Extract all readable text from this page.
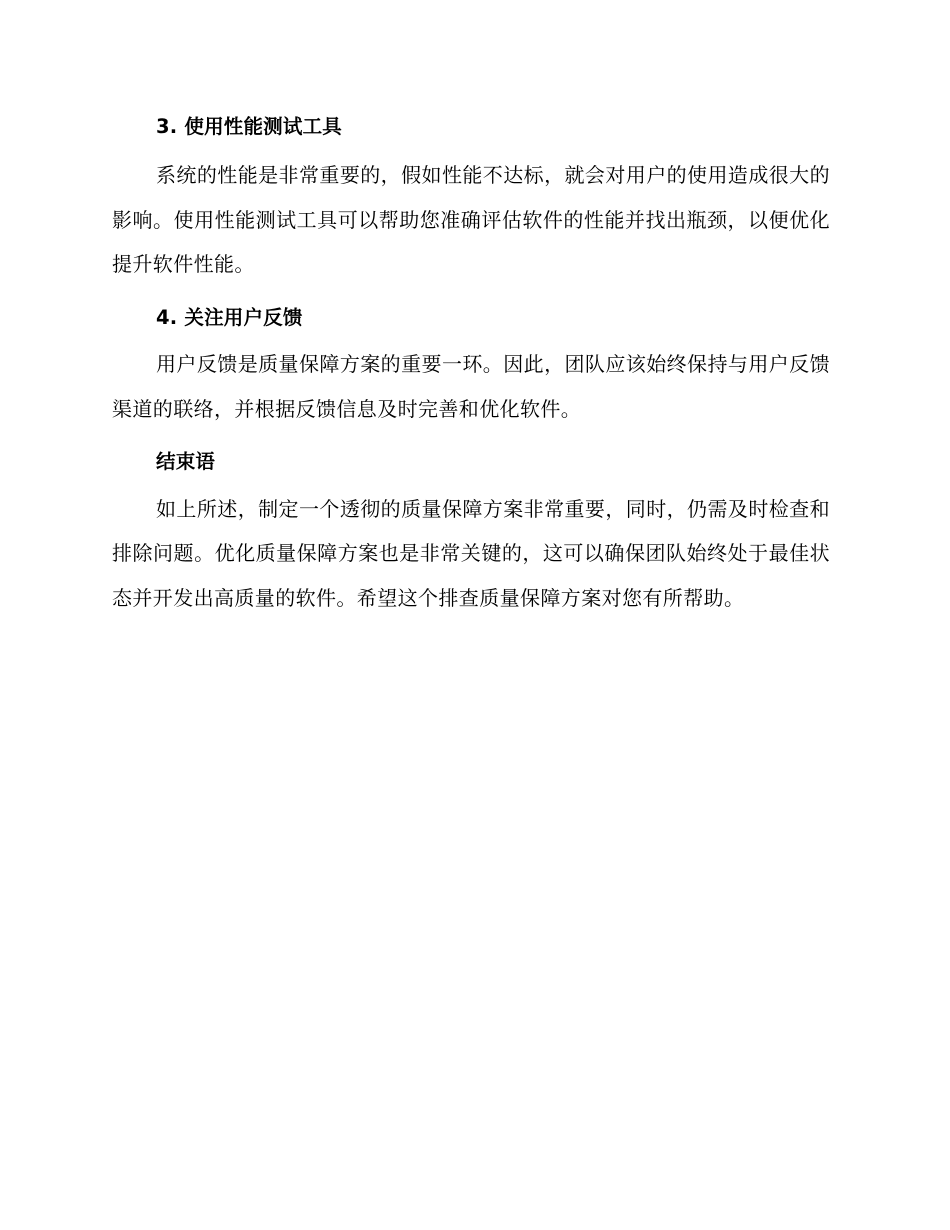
3. 使用性能测试工具
系统的性能是非常重要的，假如性能不达标，就会对用户的使用造成很大的影响。使用性能测试工具可以帮助您准确评估软件的性能并找出瓶颈，以便优化提升软件性能。
4. 关注用户反馈
用户反馈是质量保障方案的重要一环。因此，团队应该始终保持与用户反馈渠道的联络，并根据反馈信息及时完善和优化软件。
结束语
如上所述，制定一个透彻的质量保障方案非常重要，同时，仍需及时检查和排除问题。优化质量保障方案也是非常关键的，这可以确保团队始终处于最佳状态并开发出高质量的软件。希望这个排查质量保障方案对您有所帮助。
